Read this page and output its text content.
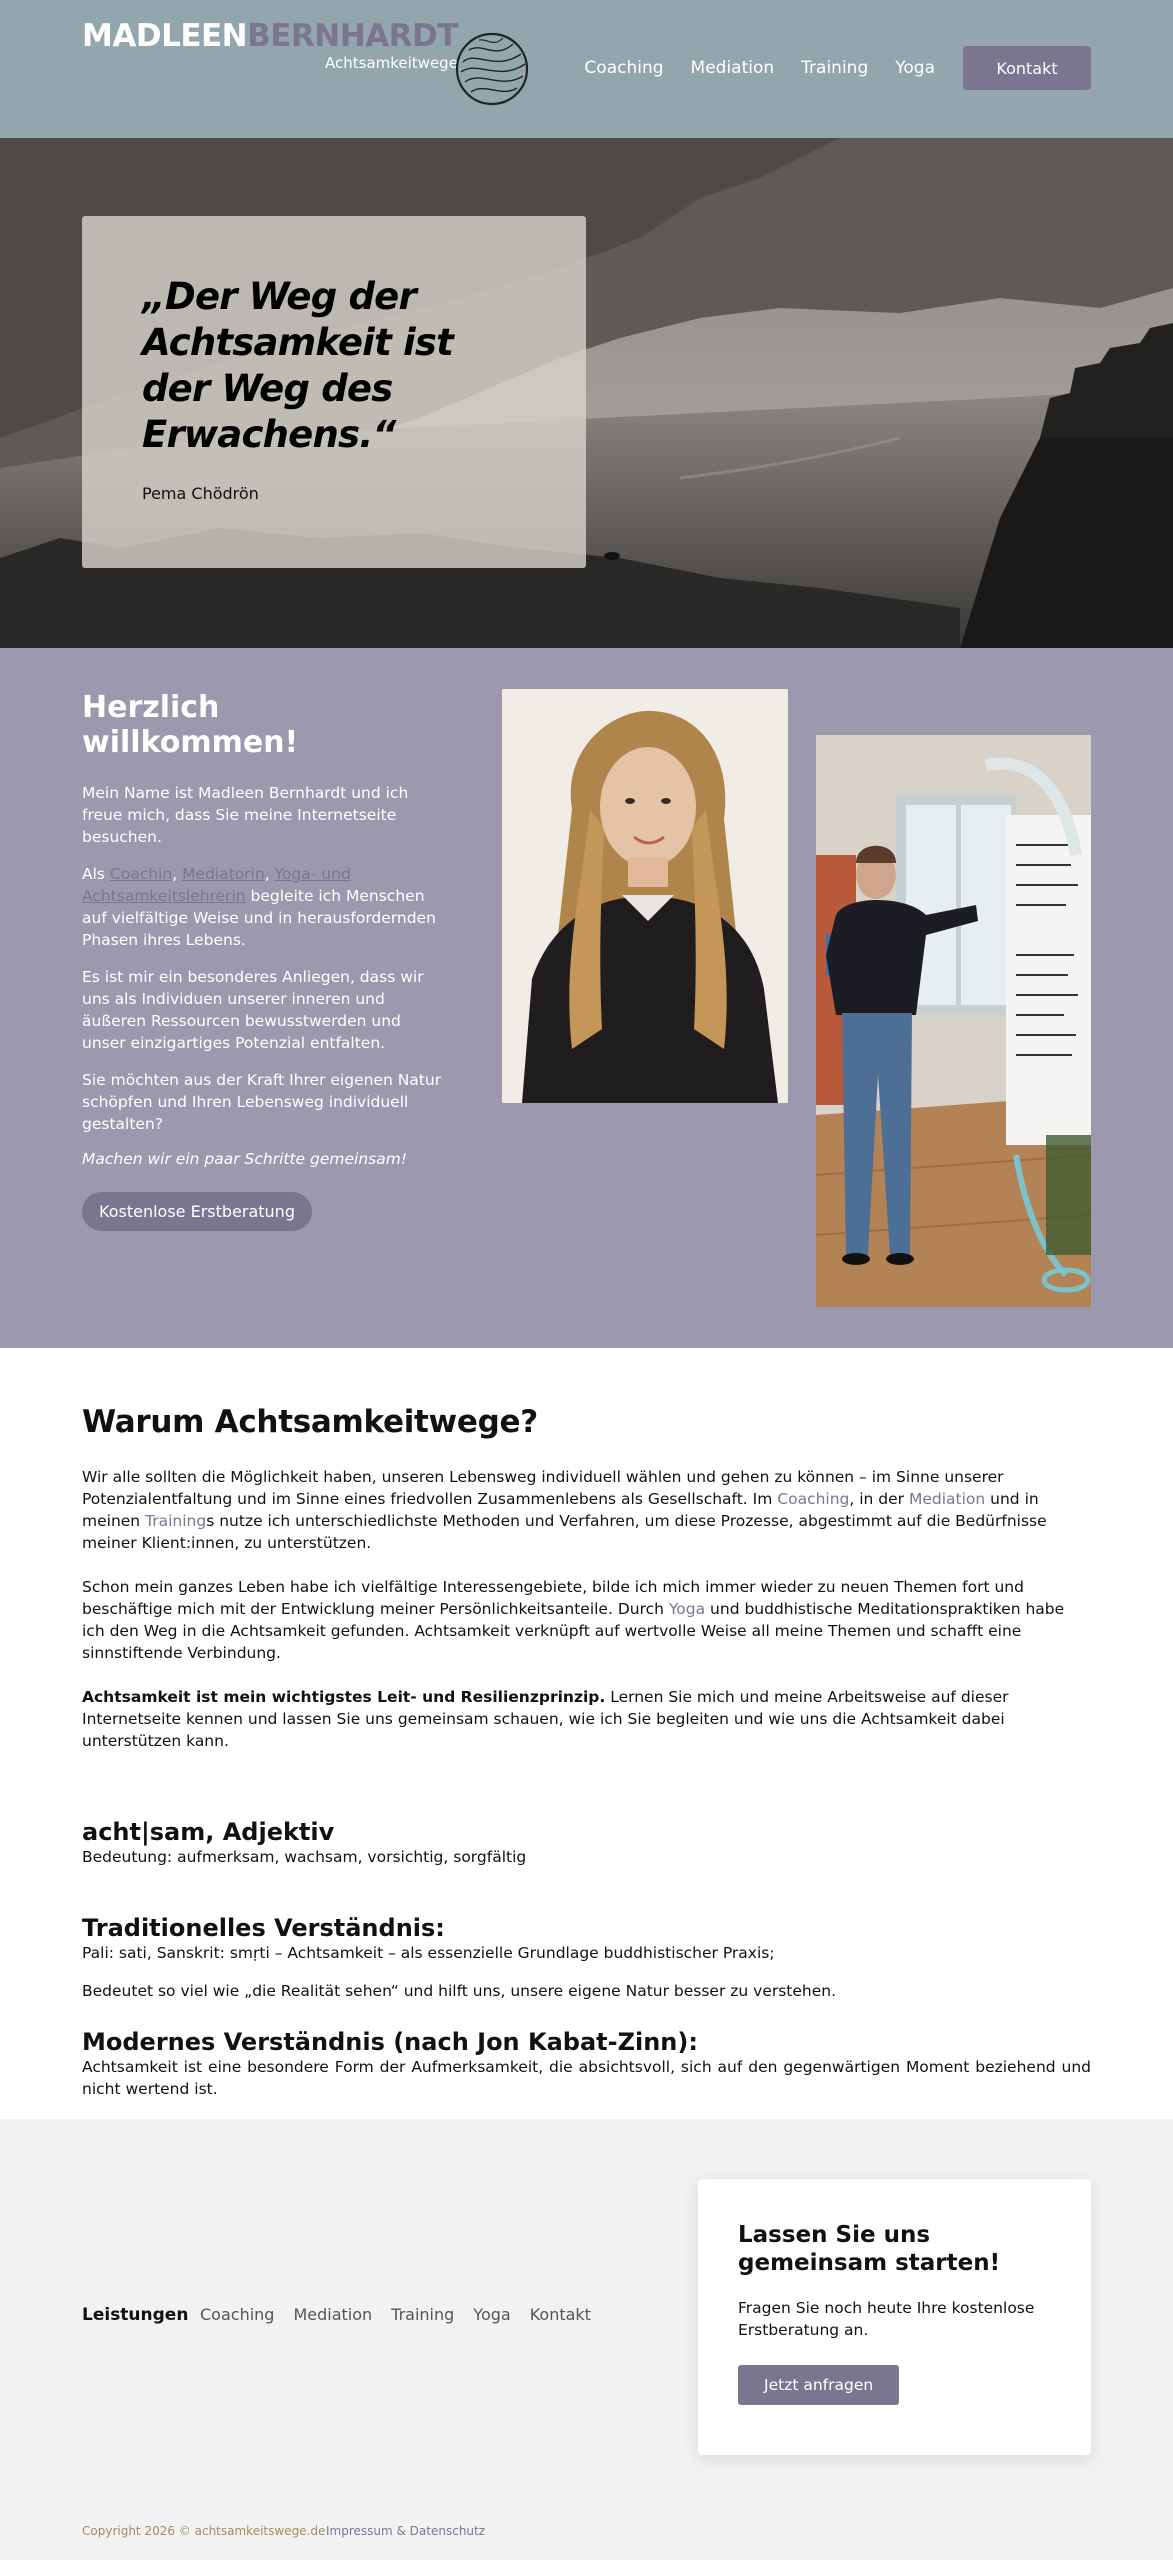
MADLEENBERNHARDT
Achtsamkeitwege	Coaching Mediation Training Yoga	Kontakt
„Der Weg der Achtsamkeit ist der Weg des Erwachens.“
Pema Chödrön
Herzlich willkommen!

Mein Name ist Madleen Bernhardt und ich freue mich, dass Sie meine Internetseite besuchen.

Als Coachin, Mediatorin, Yoga- und Achtsamkeitslehrerin begleite ich Menschen auf vielfältige Weise und in herausfordernden Phasen ihres Lebens.

Es ist mir ein besonderes Anliegen, dass wir uns als Individuen unserer inneren und äußeren Ressourcen bewusstwerden und unser einzigartiges Potenzial entfalten.

Sie möchten aus der Kraft Ihrer eigenen Natur schöpfen und Ihren Lebensweg individuell gestalten?

Machen wir ein paar Schritte gemeinsam!

Kostenlose Erstberatung
Warum Achtsamkeitwege?

Wir alle sollten die Möglichkeit haben, unseren Lebensweg individuell wählen und gehen zu können – im Sinne unserer Potenzialentfaltung und im Sinne eines friedvollen Zusammenlebens als Gesellschaft. Im Coaching, in der Mediation und in meinen Trainings nutze ich unterschiedlichste Methoden und Verfahren, um diese Prozesse, abgestimmt auf die Bedürfnisse meiner Klient:innen, zu unterstützen.

Schon mein ganzes Leben habe ich vielfältige Interessengebiete, bilde ich mich immer wieder zu neuen Themen fort und beschäftige mich mit der Entwicklung meiner Persönlichkeitsanteile. Durch Yoga und buddhistische Meditationspraktiken habe ich den Weg in die Achtsamkeit gefunden. Achtsamkeit verknüpft auf wertvolle Weise all meine Themen und schafft eine sinnstiftende Verbindung.

Achtsamkeit ist mein wichtigstes Leit- und Resilienzprinzip. Lernen Sie mich und meine Arbeitsweise auf dieser Internetseite kennen und lassen Sie uns gemeinsam schauen, wie ich Sie begleiten und wie uns die Achtsamkeit dabei unterstützen kann.

acht|sam, Adjektiv

Bedeutung: aufmerksam, wachsam, vorsichtig, sorgfältig

Traditionelles Verständnis:

Pali: sati, Sanskrit: smṛti – Achtsamkeit – als essenzielle Grundlage buddhistischer Praxis;

Bedeutet so viel wie „die Realität sehen“ und hilft uns, unsere eigene Natur besser zu verstehen.

Modernes Verständnis (nach Jon Kabat-Zinn):

Achtsamkeit ist eine besondere Form der Aufmerksamkeit, die absichtsvoll, sich auf den gegenwärtigen Moment beziehend und nicht wertend ist.

Leistungen Coaching Mediation Training Yoga Kontakt
Lassen Sie uns gemeinsam starten!

Fragen Sie noch heute Ihre kostenlose Erstberatung an.

Jetzt anfragen
Copyright 2026 © achtsamkeitswege.de Impressum & Datenschutz
